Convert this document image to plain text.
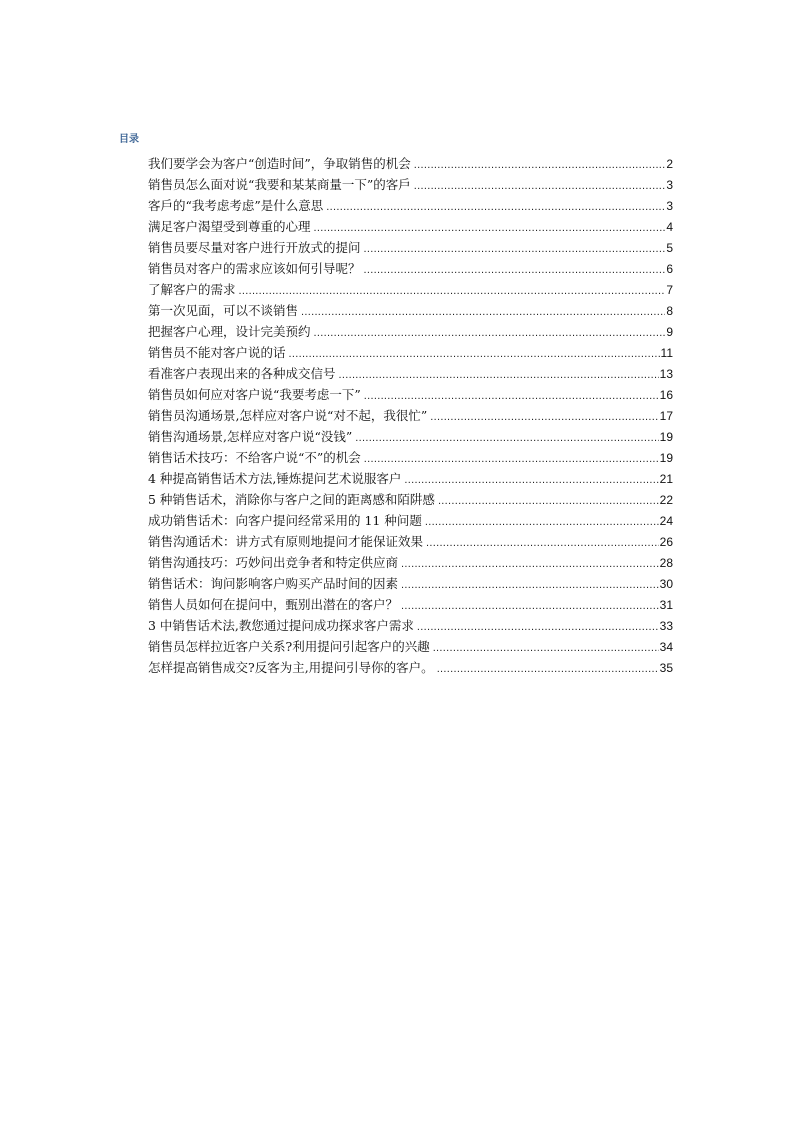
目录
我们要学会为客户“创造时间”，争取销售的机会 .....	2
销售员怎么面对说“我要和某某商量一下”的客戶 .....	3
客戶的“我考虑考虑”是什么意思 .....	3
满足客户渴望受到尊重的心理 .....	4
销售员要尽量对客户进行开放式的提问 .....	5
销售员对客户的需求应该如何引导呢？ .....	6
了解客户的需求 .....	7
第一次见面，可以不谈销售 .....	8
把握客户心理，设计完美预约 .....	9
销售员不能对客户说的话 .....	11
看准客户表现出来的各种成交信号 .....	13
销售员如何应对客户说“我要考虑一下” .....	16
销售员沟通场景,怎样应对客户说“对不起，我很忙” .....	17
销售沟通场景,怎样应对客户说“没钱” .....	19
销售话术技巧：不给客户说“不”的机会 .....	19
4 种提高销售话术方法,锤炼提问艺术说服客户 .....	21
5 种销售话术，消除你与客户之间的距离感和陌阱感 .....	22
成功销售话术：向客户提问经常采用的 11 种问题 .....	24
销售沟通话术：讲方式有原则地提问才能保证效果 .....	26
销售沟通技巧：巧妙问出竞争者和特定供应商 .....	28
销售话术：询问影响客户购买产品时间的因素 .....	30
销售人员如何在提问中，甄别出潜在的客户？ .....	31
3 中销售话术法,教您通过提问成功探求客户需求 .....	33
销售员怎样拉近客户关系?利用提问引起客户的兴趣 .....	34
怎样提高销售成交?反客为主,用提问引导你的客户。 .....	35
